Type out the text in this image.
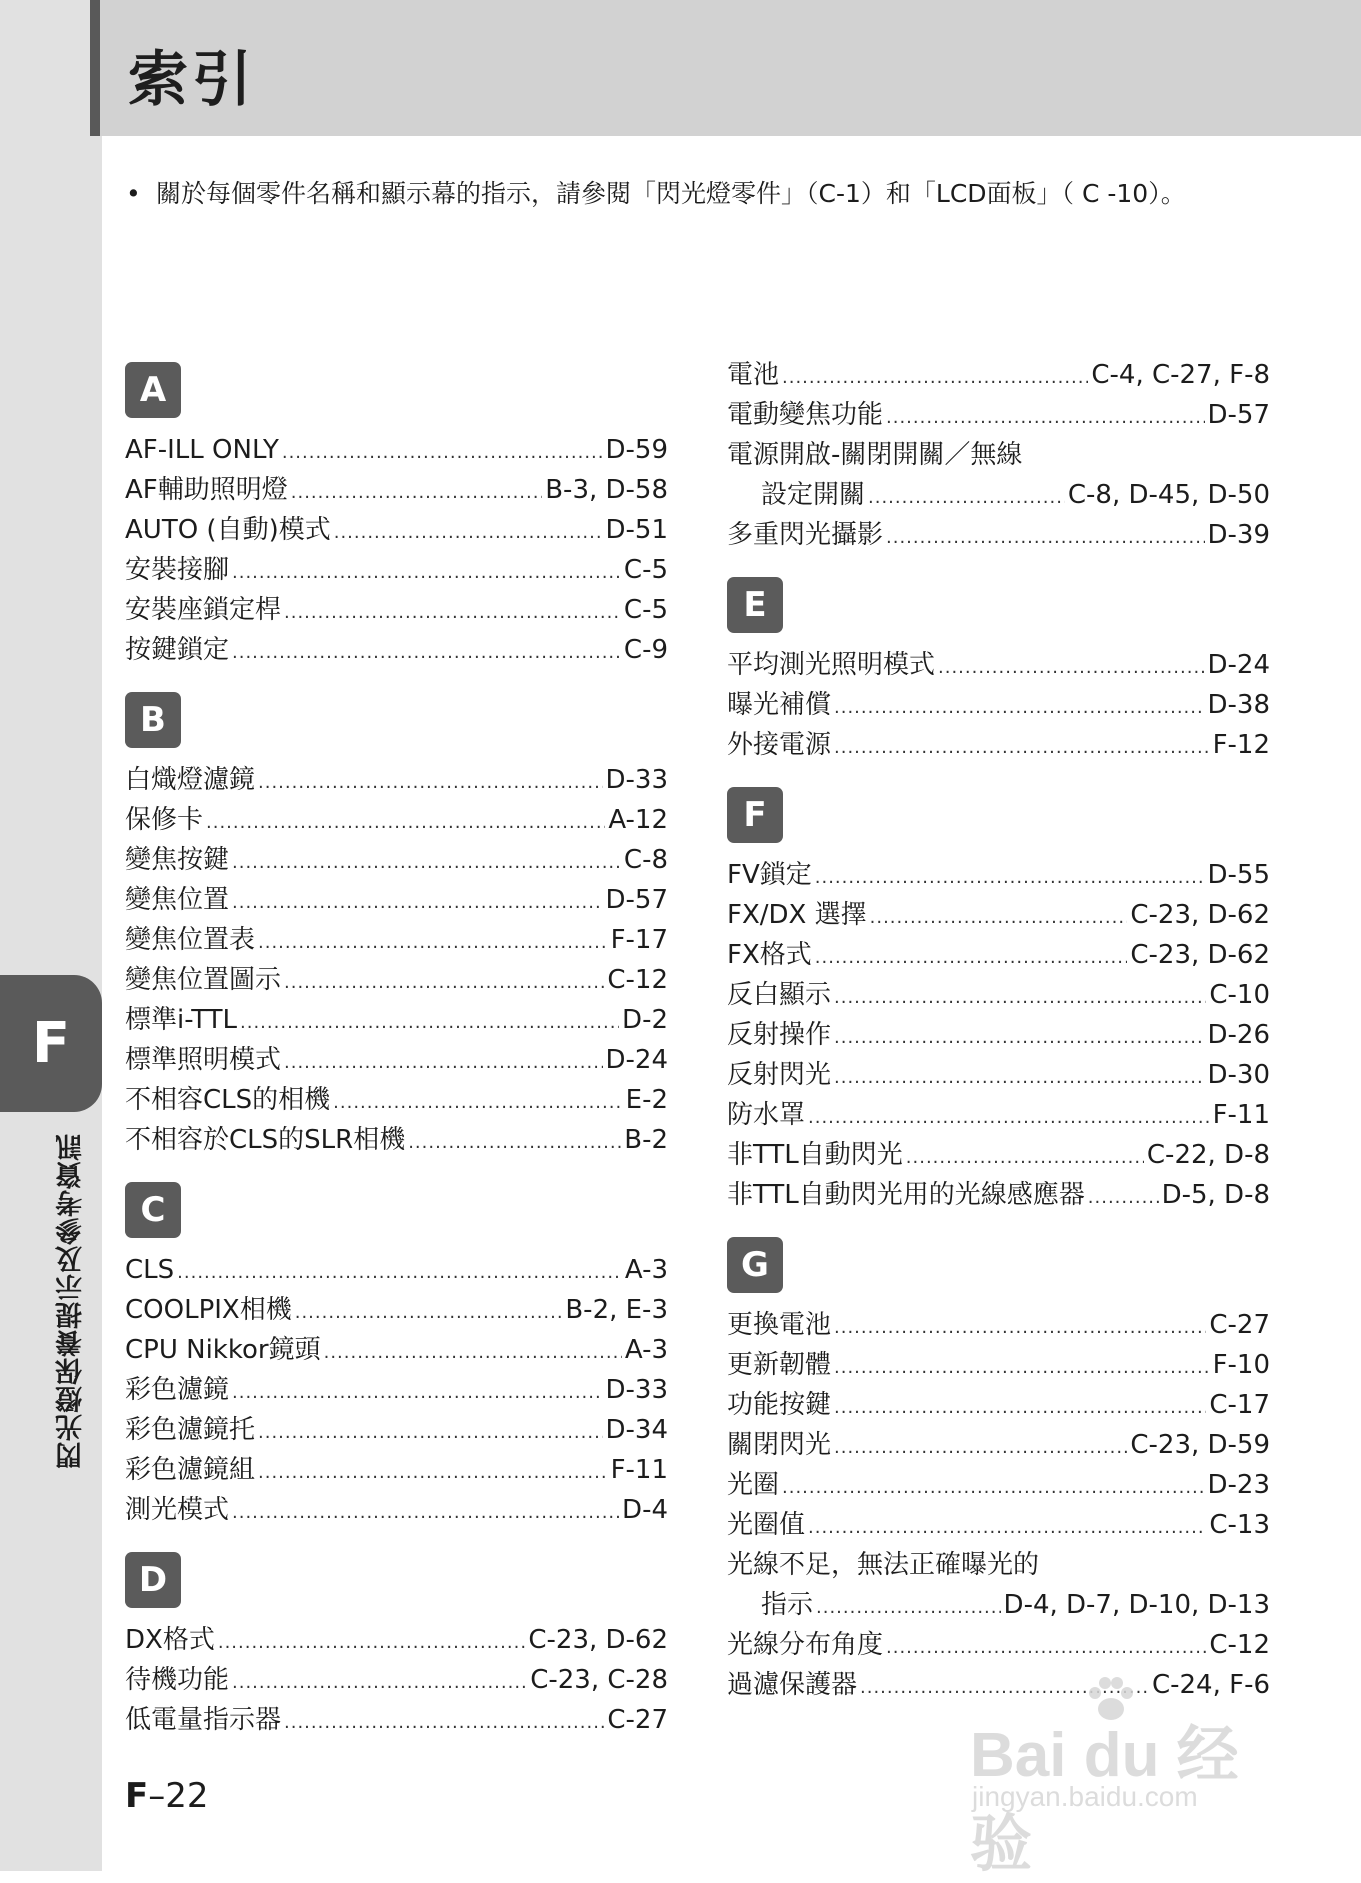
索引
• 關於每個零件名稱和顯示幕的指示，請參閱「閃光燈零件」（C-1）和「LCD面板」（ C -10）。
F
閃光燈保養提示及參考資訊
A
AF-ILL ONLY .....	D-59
AF輔助照明燈 .....	B-3, D-58
AUTO (自動)模式 .....	D-51
安裝接腳 .....	C-5
安裝座鎖定桿 .....	C-5
按鍵鎖定 .....	C-9
B
白熾燈濾鏡 .....	D-33
保修卡 .....	A-12
變焦按鍵 .....	C-8
變焦位置 .....	D-57
變焦位置表 .....	F-17
變焦位置圖示 .....	C-12
標準i-TTL .....	D-2
標準照明模式 .....	D-24
不相容CLS的相機 .....	E-2
不相容於CLS的SLR相機 .....	B-2
C
CLS .....	A-3
COOLPIX相機 .....	B-2, E-3
CPU Nikkor鏡頭 .....	A-3
彩色濾鏡 .....	D-33
彩色濾鏡托 .....	D-34
彩色濾鏡組 .....	F-11
測光模式 .....	D-4
D
DX格式 .....	C-23, D-62
待機功能 .....	C-23, C-28
低電量指示器 .....	C-27
電池 .....	C-4, C-27, F-8
電動變焦功能 .....	D-57
電源開啟-關閉開關／無線
設定開關 .....	C-8, D-45, D-50
多重閃光攝影 .....	D-39
E
平均測光照明模式 .....	D-24
曝光補償 .....	D-38
外接電源 .....	F-12
F
FV鎖定 .....	D-55
FX/DX 選擇 .....	C-23, D-62
FX格式 .....	C-23, D-62
反白顯示 .....	C-10
反射操作 .....	D-26
反射閃光 .....	D-30
防水罩 .....	F-11
非TTL自動閃光 .....	C-22, D-8
非TTL自動閃光用的光線感應器 .....	D-5, D-8
G
更換電池 .....	C-27
更新韌體 .....	F-10
功能按鍵 .....	C-17
關閉閃光 .....	C-23, D-59
光圈 .....	D-23
光圈值 .....	C-13
光線不足，無法正確曝光的
指示 .....	D-4, D-7, D-10, D-13
光線分布角度 .....	C-12
過濾保護器 .....	C-24, F-6
F–22
Bai du 经验
jingyan.baidu.com
